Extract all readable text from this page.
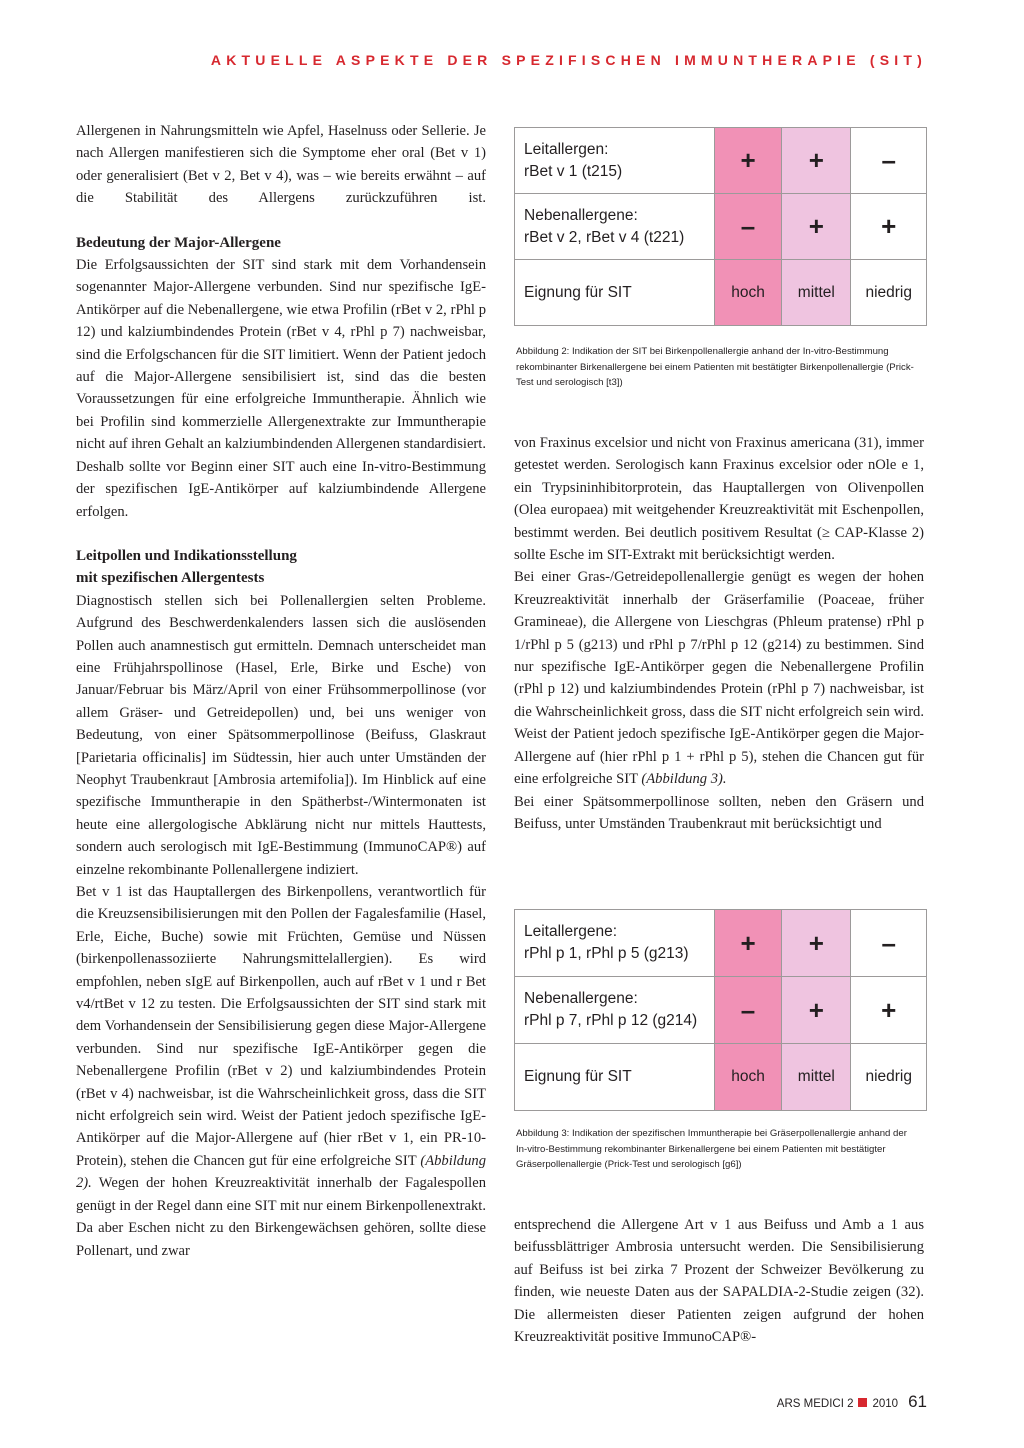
AKTUELLE ASPEKTE DER SPEZIFISCHEN IMMUNTHERAPIE (SIT)

Allergenen in Nahrungsmitteln wie Apfel, Haselnuss oder Sellerie. Je nach Allergen manifestieren sich die Symptome eher oral (Bet v 1) oder generalisiert (Bet v 2, Bet v 4), was – wie bereits erwähnt – auf die Stabilität des Allergens zurückzuführen ist.

Bedeutung der Major-Allergene

Die Erfolgsaussichten der SIT sind stark mit dem Vorhandensein sogenannter Major-Allergene verbunden. Sind nur spezifische IgE-Antikörper auf die Nebenallergene, wie etwa Profilin (rBet v 2, rPhl p 12) und kalziumbindendes Protein (rBet v 4, rPhl p 7) nachweisbar, sind die Erfolgschancen für die SIT limitiert. Wenn der Patient jedoch auf die Major-Allergene sensibilisiert ist, sind das die besten Voraussetzungen für eine erfolgreiche Immuntherapie. Ähnlich wie bei Profilin sind kommerzielle Allergenextrakte zur Immuntherapie nicht auf ihren Gehalt an kalziumbindenden Allergenen standardisiert. Deshalb sollte vor Beginn einer SIT auch eine In-vitro-Bestimmung der spezifischen IgE-Antikörper auf kalziumbindende Allergene erfolgen.

Leitpollen und Indikationsstellung
mit spezifischen Allergentests

Diagnostisch stellen sich bei Pollenallergien selten Probleme. Aufgrund des Beschwerdenkalenders lassen sich die auslösenden Pollen auch anamnestisch gut ermitteln. Demnach unterscheidet man eine Frühjahrspollinose (Hasel, Erle, Birke und Esche) von Januar/Februar bis März/April von einer Frühsommerpollinose (vor allem Gräser- und Getreidepollen) und, bei uns weniger von Bedeutung, von einer Spätsommerpollinose (Beifuss, Glaskraut [Parietaria officinalis] im Südtessin, hier auch unter Umständen der Neophyt Traubenkraut [Ambrosia artemifolia]). Im Hinblick auf eine spezifische Immuntherapie in den Spätherbst-/Wintermonaten ist heute eine allergologische Abklärung nicht nur mittels Hauttests, sondern auch serologisch mit IgE-Bestimmung (ImmunoCAP®) auf einzelne rekombinante Pollenallergene indiziert.

Bet v 1 ist das Hauptallergen des Birkenpollens, verantwortlich für die Kreuzsensibilisierungen mit den Pollen der Fagalesfamilie (Hasel, Erle, Eiche, Buche) sowie mit Früchten, Gemüse und Nüssen (birkenpollenassoziierte Nahrungsmittelallergien). Es wird empfohlen, neben sIgE auf Birkenpollen, auch auf rBet v 1 und r Bet v4/rtBet v 12 zu testen. Die Erfolgsaussichten der SIT sind stark mit dem Vorhandensein der Sensibilisierung gegen diese Major-Allergene verbunden. Sind nur spezifische IgE-Antikörper gegen die Nebenallergene Profilin (rBet v 2) und kalziumbindendes Protein (rBet v 4) nachweisbar, ist die Wahrscheinlichkeit gross, dass die SIT nicht erfolgreich sein wird. Weist der Patient jedoch spezifische IgE-Antikörper auf die Major-Allergene auf (hier rBet v 1, ein PR-10-Protein), stehen die Chancen gut für eine erfolgreiche SIT (Abbildung 2). Wegen der hohen Kreuzreaktivität innerhalb der Fagalespollen genügt in der Regel dann eine SIT mit nur einem Birkenpollenextrakt. Da aber Eschen nicht zu den Birkengewächsen gehören, sollte diese Pollenart, und zwar

Leitallergen:
rBet v 1 (t215)	+	+	–
Nebenallergene:
rBet v 2, rBet v 4 (t221)	–	+	+
Eignung für SIT	hoch	mittel	niedrig
Abbildung 2: Indikation der SIT bei Birkenpollenallergie anhand der In-vitro-Bestimmung rekombinanter Birkenallergene bei einem Patienten mit bestätigter Birkenpollenallergie (Prick-Test und serologisch [t3])

von Fraxinus excelsior und nicht von Fraxinus americana (31), immer getestet werden. Serologisch kann Fraxinus excelsior oder nOle e 1, ein Trypsininhibitorprotein, das Hauptallergen von Olivenpollen (Olea europaea) mit weitgehender Kreuzreaktivität mit Eschenpollen, bestimmt werden. Bei deutlich positivem Resultat (≥ CAP-Klasse 2) sollte Esche im SIT-Extrakt mit berücksichtigt werden.

Bei einer Gras-/Getreidepollenallergie genügt es wegen der hohen Kreuzreaktivität innerhalb der Gräserfamilie (Poaceae, früher Gramineae), die Allergene von Lieschgras (Phleum pratense) rPhl p 1/rPhl p 5 (g213) und rPhl p 7/rPhl p 12 (g214) zu bestimmen. Sind nur spezifische IgE-Antikörper gegen die Nebenallergene Profilin (rPhl p 12) und kalziumbindendes Protein (rPhl p 7) nachweisbar, ist die Wahrscheinlichkeit gross, dass die SIT nicht erfolgreich sein wird. Weist der Patient jedoch spezifische IgE-Antikörper gegen die Major-Allergene auf (hier rPhl p 1 + rPhl p 5), stehen die Chancen gut für eine erfolgreiche SIT (Abbildung 3).

Bei einer Spätsommerpollinose sollten, neben den Gräsern und Beifuss, unter Umständen Traubenkraut mit berücksichtigt und

Leitallergene:
rPhl p 1, rPhl p 5 (g213)	+	+	–
Nebenallergene:
rPhl p 7, rPhl p 12 (g214)	–	+	+
Eignung für SIT	hoch	mittel	niedrig
Abbildung 3: Indikation der spezifischen Immuntherapie bei Gräserpollenallergie anhand der In-vitro-Bestimmung rekombinanter Birkenallergene bei einem Patienten mit bestätigter Gräserpollenallergie (Prick-Test und serologisch [g6])

entsprechend die Allergene Art v 1 aus Beifuss und Amb a 1 aus beifussblättriger Ambrosia untersucht werden. Die Sensibilisierung auf Beifuss ist bei zirka 7 Prozent der Schweizer Bevölkerung zu finden, wie neueste Daten aus der SAPALDIA-2-Studie zeigen (32). Die allermeisten dieser Patienten zeigen aufgrund der hohen Kreuzreaktivität positive ImmunoCAP®-

ARS MEDICI 2 2010 61
